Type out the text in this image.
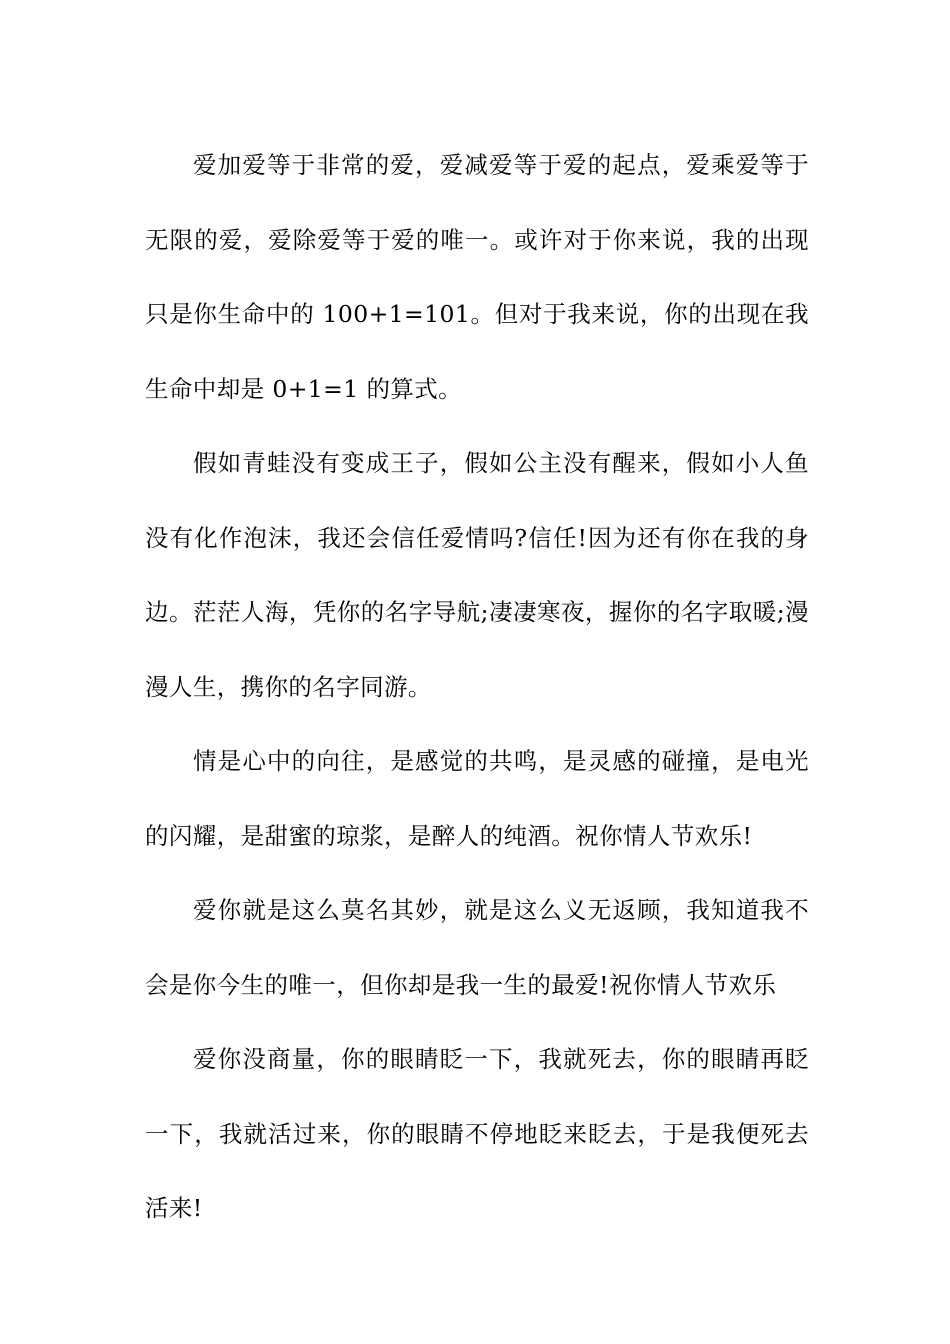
爱加爱等于非常的爱，爱减爱等于爱的起点，爱乘爱等于无限的爱，爱除爱等于爱的唯一。或许对于你来说，我的出现只是你生命中的 100+1=101。但对于我来说，你的出现在我生命中却是 0+1=1 的算式。

假如青蛙没有变成王子，假如公主没有醒来，假如小人鱼没有化作泡沫，我还会信任爱情吗?信任!因为还有你在我的身边。茫茫人海，凭你的名字导航;凄凄寒夜，握你的名字取暖;漫漫人生，携你的名字同游。

情是心中的向往，是感觉的共鸣，是灵感的碰撞，是电光的闪耀，是甜蜜的琼浆，是醉人的纯酒。祝你情人节欢乐!

爱你就是这么莫名其妙，就是这么义无返顾，我知道我不会是你今生的唯一，但你却是我一生的最爱!祝你情人节欢乐

爱你没商量，你的眼睛眨一下，我就死去，你的眼睛再眨一下，我就活过来，你的眼睛不停地眨来眨去，于是我便死去活来!
